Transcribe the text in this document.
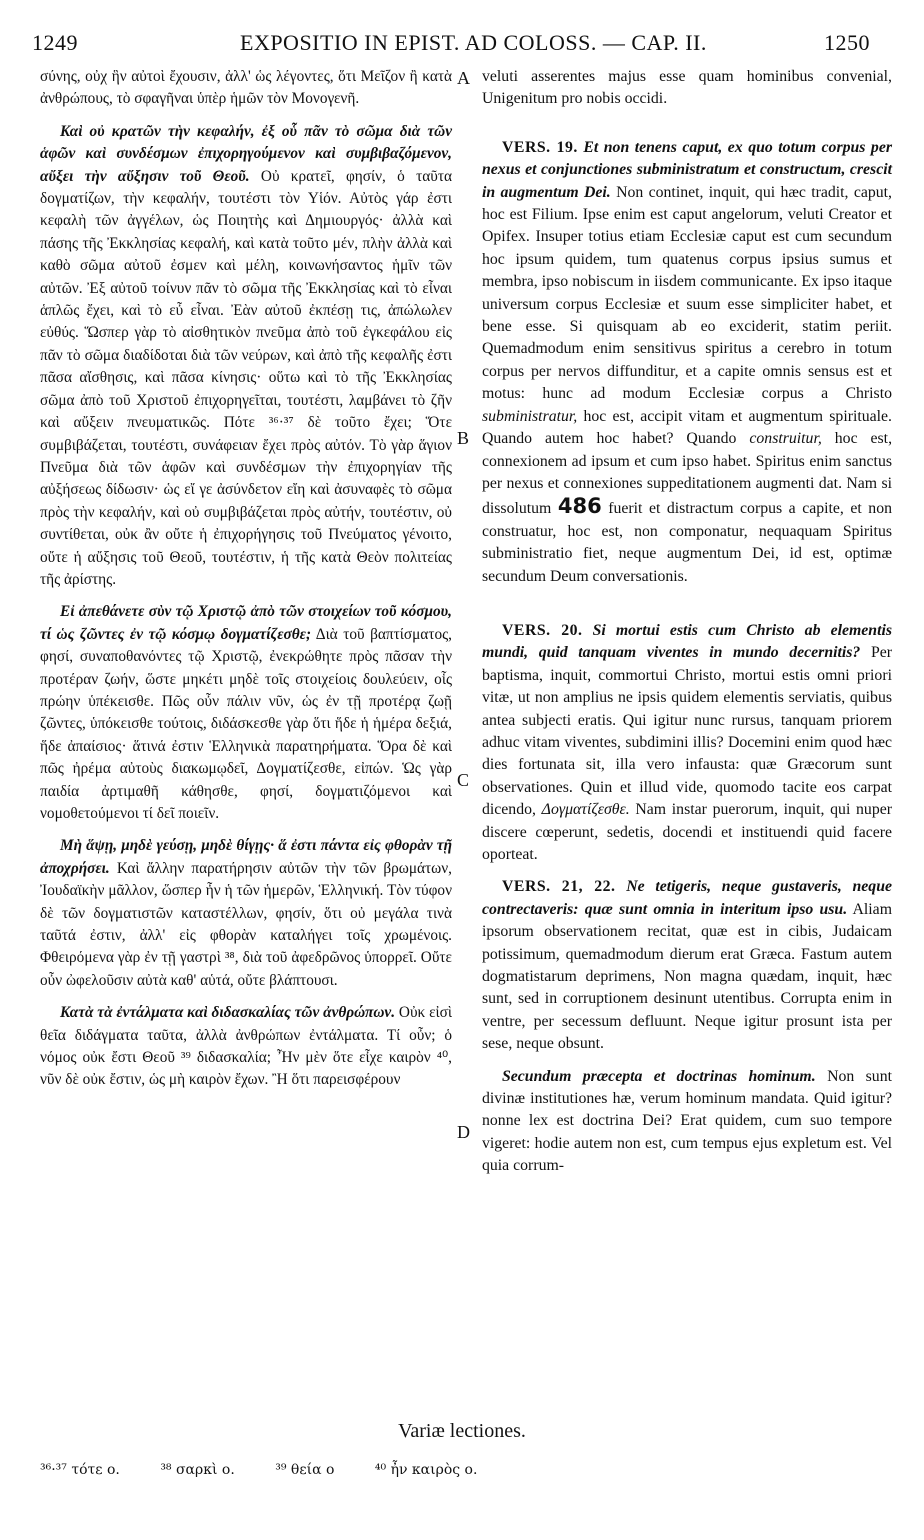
1249	EXPOSITIO IN EPIST. AD COLOSS. — CAP. II.	1250
A
B
C
D

σύνης, οὐχ ἣν αὐτοὶ ἔχουσιν, ἀλλ' ὡς λέγοντες, ὅτι Μεῖζον ἢ κατὰ ἀνθρώπους, τὸ σφαγῆναι ὑπὲρ ἡμῶν τὸν Μονογενῆ.

Καὶ οὐ κρατῶν τὴν κεφαλήν, ἐξ οὗ πᾶν τὸ σῶμα διὰ τῶν ἁφῶν καὶ συνδέσμων ἐπιχορηγούμενον καὶ συμβιβαζόμενον, αὔξει τὴν αὔξησιν τοῦ Θεοῦ. Οὐ κρατεῖ, φησίν, ὁ ταῦτα δογματίζων, τὴν κεφαλήν, τουτέστι τὸν Υἱόν. Αὐτὸς γάρ ἐστι κεφαλὴ τῶν ἀγγέλων, ὡς Ποιητὴς καὶ Δημιουργός· ἀλλὰ καὶ πάσης τῆς Ἐκκλησίας κεφαλή, καὶ κατὰ τοῦτο μέν, πλὴν ἀλλὰ καὶ καθὸ σῶμα αὐτοῦ ἐσμεν καὶ μέλη, κοινωνήσαντος ἡμῖν τῶν αὐτῶν. Ἐξ αὐτοῦ τοίνυν πᾶν τὸ σῶμα τῆς Ἐκκλησίας καὶ τὸ εἶναι ἁπλῶς ἔχει, καὶ τὸ εὖ εἶναι. Ἐὰν αὐτοῦ ἐκπέσῃ τις, ἀπώλωλεν εὐθύς. Ὥσπερ γὰρ τὸ αἰσθητικὸν πνεῦμα ἀπὸ τοῦ ἐγκεφάλου εἰς πᾶν τὸ σῶμα διαδίδοται διὰ τῶν νεύρων, καὶ ἀπὸ τῆς κεφαλῆς ἐστι πᾶσα αἴσθησις, καὶ πᾶσα κίνησις· οὕτω καὶ τὸ τῆς Ἐκκλησίας σῶμα ἀπὸ τοῦ Χριστοῦ ἐπιχορηγεῖται, τουτέστι, λαμβάνει τὸ ζῆν καὶ αὔξειν πνευματικῶς. Πότε ³⁶·³⁷ δὲ τοῦτο ἔχει; Ὅτε συμβιβάζεται, τουτέστι, συνάφειαν ἔχει πρὸς αὐτόν. Τὸ γὰρ ἅγιον Πνεῦμα διὰ τῶν ἁφῶν καὶ συνδέσμων τὴν ἐπιχορηγίαν τῆς αὐξήσεως δίδωσιν· ὡς εἴ γε ἀσύνδετον εἴη καὶ ἀσυναφὲς τὸ σῶμα πρὸς τὴν κεφαλήν, καὶ οὐ συμβιβάζεται πρὸς αὐτήν, τουτέστιν, οὐ συντίθεται, οὐκ ἂν οὔτε ἡ ἐπιχορήγησις τοῦ Πνεύματος γένοιτο, οὔτε ἡ αὔξησις τοῦ Θεοῦ, τουτέστιν, ἡ τῆς κατὰ Θεὸν πολιτείας τῆς ἀρίστης.

Εἰ ἀπεθάνετε σὺν τῷ Χριστῷ ἀπὸ τῶν στοιχείων τοῦ κόσμου, τί ὡς ζῶντες ἐν τῷ κόσμῳ δογματίζεσθε; Διὰ τοῦ βαπτίσματος, φησί, συναποθανόντες τῷ Χριστῷ, ἐνεκρώθητε πρὸς πᾶσαν τὴν προτέραν ζωήν, ὥστε μηκέτι μηδὲ τοῖς στοιχείοις δουλεύειν, οἷς πρώην ὑπέκεισθε. Πῶς οὖν πάλιν νῦν, ὡς ἐν τῇ προτέρᾳ ζωῇ ζῶντες, ὑπόκεισθε τούτοις, διδάσκεσθε γὰρ ὅτι ἥδε ἡ ἡμέρα δεξιά, ἥδε ἀπαίσιος· ἅτινά ἐστιν Ἑλληνικὰ παρατηρήματα. Ὅρα δὲ καὶ πῶς ἠρέμα αὐτοὺς διακωμῳδεῖ, Δογματίζεσθε, εἰπών. Ὡς γὰρ παιδία ἀρτιμαθῆ κάθησθε, φησί, δογματιζόμενοι καὶ νομοθετούμενοι τί δεῖ ποιεῖν.

Μὴ ἅψῃ, μηδὲ γεύσῃ, μηδὲ θίγῃς· ἅ ἐστι πάντα εἰς φθορὰν τῇ ἀποχρήσει. Καὶ ἄλλην παρατήρησιν αὐτῶν τὴν τῶν βρωμάτων, Ἰουδαϊκὴν μᾶλλον, ὥσπερ ἦν ἡ τῶν ἡμερῶν, Ἑλληνική. Τὸν τύφον δὲ τῶν δογματιστῶν καταστέλλων, φησίν, ὅτι οὐ μεγάλα τινὰ ταῦτά ἐστιν, ἀλλ' εἰς φθορὰν καταλήγει τοῖς χρωμένοις. Φθειρόμενα γὰρ ἐν τῇ γαστρὶ ³⁸, διὰ τοῦ ἀφεδρῶνος ὑπορρεῖ. Οὔτε οὖν ὠφελοῦσιν αὐτὰ καθ' αὑτά, οὔτε βλάπτουσι.

Κατὰ τὰ ἐντάλματα καὶ διδασκαλίας τῶν ἀνθρώπων. Οὐκ εἰσὶ θεῖα διδάγματα ταῦτα, ἀλλὰ ἀνθρώπων ἐντάλματα. Τί οὖν; ὁ νόμος οὐκ ἔστι Θεοῦ ³⁹ διδασκαλία; Ἦν μὲν ὅτε εἶχε καιρὸν ⁴⁰, νῦν δὲ οὐκ ἔστιν, ὡς μὴ καιρὸν ἔχων. Ἢ ὅτι παρεισφέρουν

veluti asserentes majus esse quam hominibus convenial, Unigenitum pro nobis occidi.

VERS. 19. Et non tenens caput, ex quo totum corpus per nexus et conjunctiones subministratum et constructum, crescit in augmentum Dei. Non continet, inquit, qui hæc tradit, caput, hoc est Filium. Ipse enim est caput angelorum, veluti Creator et Opifex. Insuper totius etiam Ecclesiæ caput est cum secundum hoc ipsum quidem, tum quatenus corpus ipsius sumus et membra, ipso nobiscum in iisdem communicante. Ex ipso itaque universum corpus Ecclesiæ et suum esse simpliciter habet, et bene esse. Si quisquam ab eo exciderit, statim periit. Quemadmodum enim sensitivus spiritus a cerebro in totum corpus per nervos diffunditur, et a capite omnis sensus est et motus: hunc ad modum Ecclesiæ corpus a Christo subministratur, hoc est, accipit vitam et augmentum spirituale. Quando autem hoc habet? Quando construitur, hoc est, connexionem ad ipsum et cum ipso habet. Spiritus enim sanctus per nexus et connexiones suppeditationem augmenti dat. Nam si dissolutum 486 fuerit et distractum corpus a capite, et non construatur, hoc est, non componatur, nequaquam Spiritus subministratio fiet, neque augmentum Dei, id est, optimæ secundum Deum conversationis.

VERS. 20. Si mortui estis cum Christo ab elementis mundi, quid tanquam viventes in mundo decernitis? Per baptisma, inquit, commortui Christo, mortui estis omni priori vitæ, ut non amplius ne ipsis quidem elementis serviatis, quibus antea subjecti eratis. Qui igitur nunc rursus, tanquam priorem adhuc vitam viventes, subdimini illis? Docemini enim quod hæc dies fortunata sit, illa vero infausta: quæ Græcorum sunt observationes. Quin et illud vide, quomodo tacite eos carpat dicendo, Δογματίζεσθε. Nam instar puerorum, inquit, qui nuper discere cœperunt, sedetis, docendi et instituendi quid facere oporteat.

VERS. 21, 22. Ne tetigeris, neque gustaveris, neque contrectaveris: quæ sunt omnia in interitum ipso usu. Aliam ipsorum observationem recitat, quæ est in cibis, Judaicam potissimum, quemadmodum dierum erat Græca. Fastum autem dogmatistarum deprimens, Non magna quædam, inquit, hæc sunt, sed in corruptionem desinunt utentibus. Corrupta enim in ventre, per secessum defluunt. Neque igitur prosunt ista per sese, neque obsunt.

Secundum præcepta et doctrinas hominum. Non sunt divinæ institutiones hæ, verum hominum mandata. Quid igitur? nonne lex est doctrina Dei? Erat quidem, cum suo tempore vigeret: hodie autem non est, cum tempus ejus expletum est. Vel quia corrum-

Variæ lectiones.
³⁶·³⁷ τότε ο.	³⁸ σαρκὶ ο.	³⁹ θεία ο	⁴⁰ ἦν καιρὸς ο.
